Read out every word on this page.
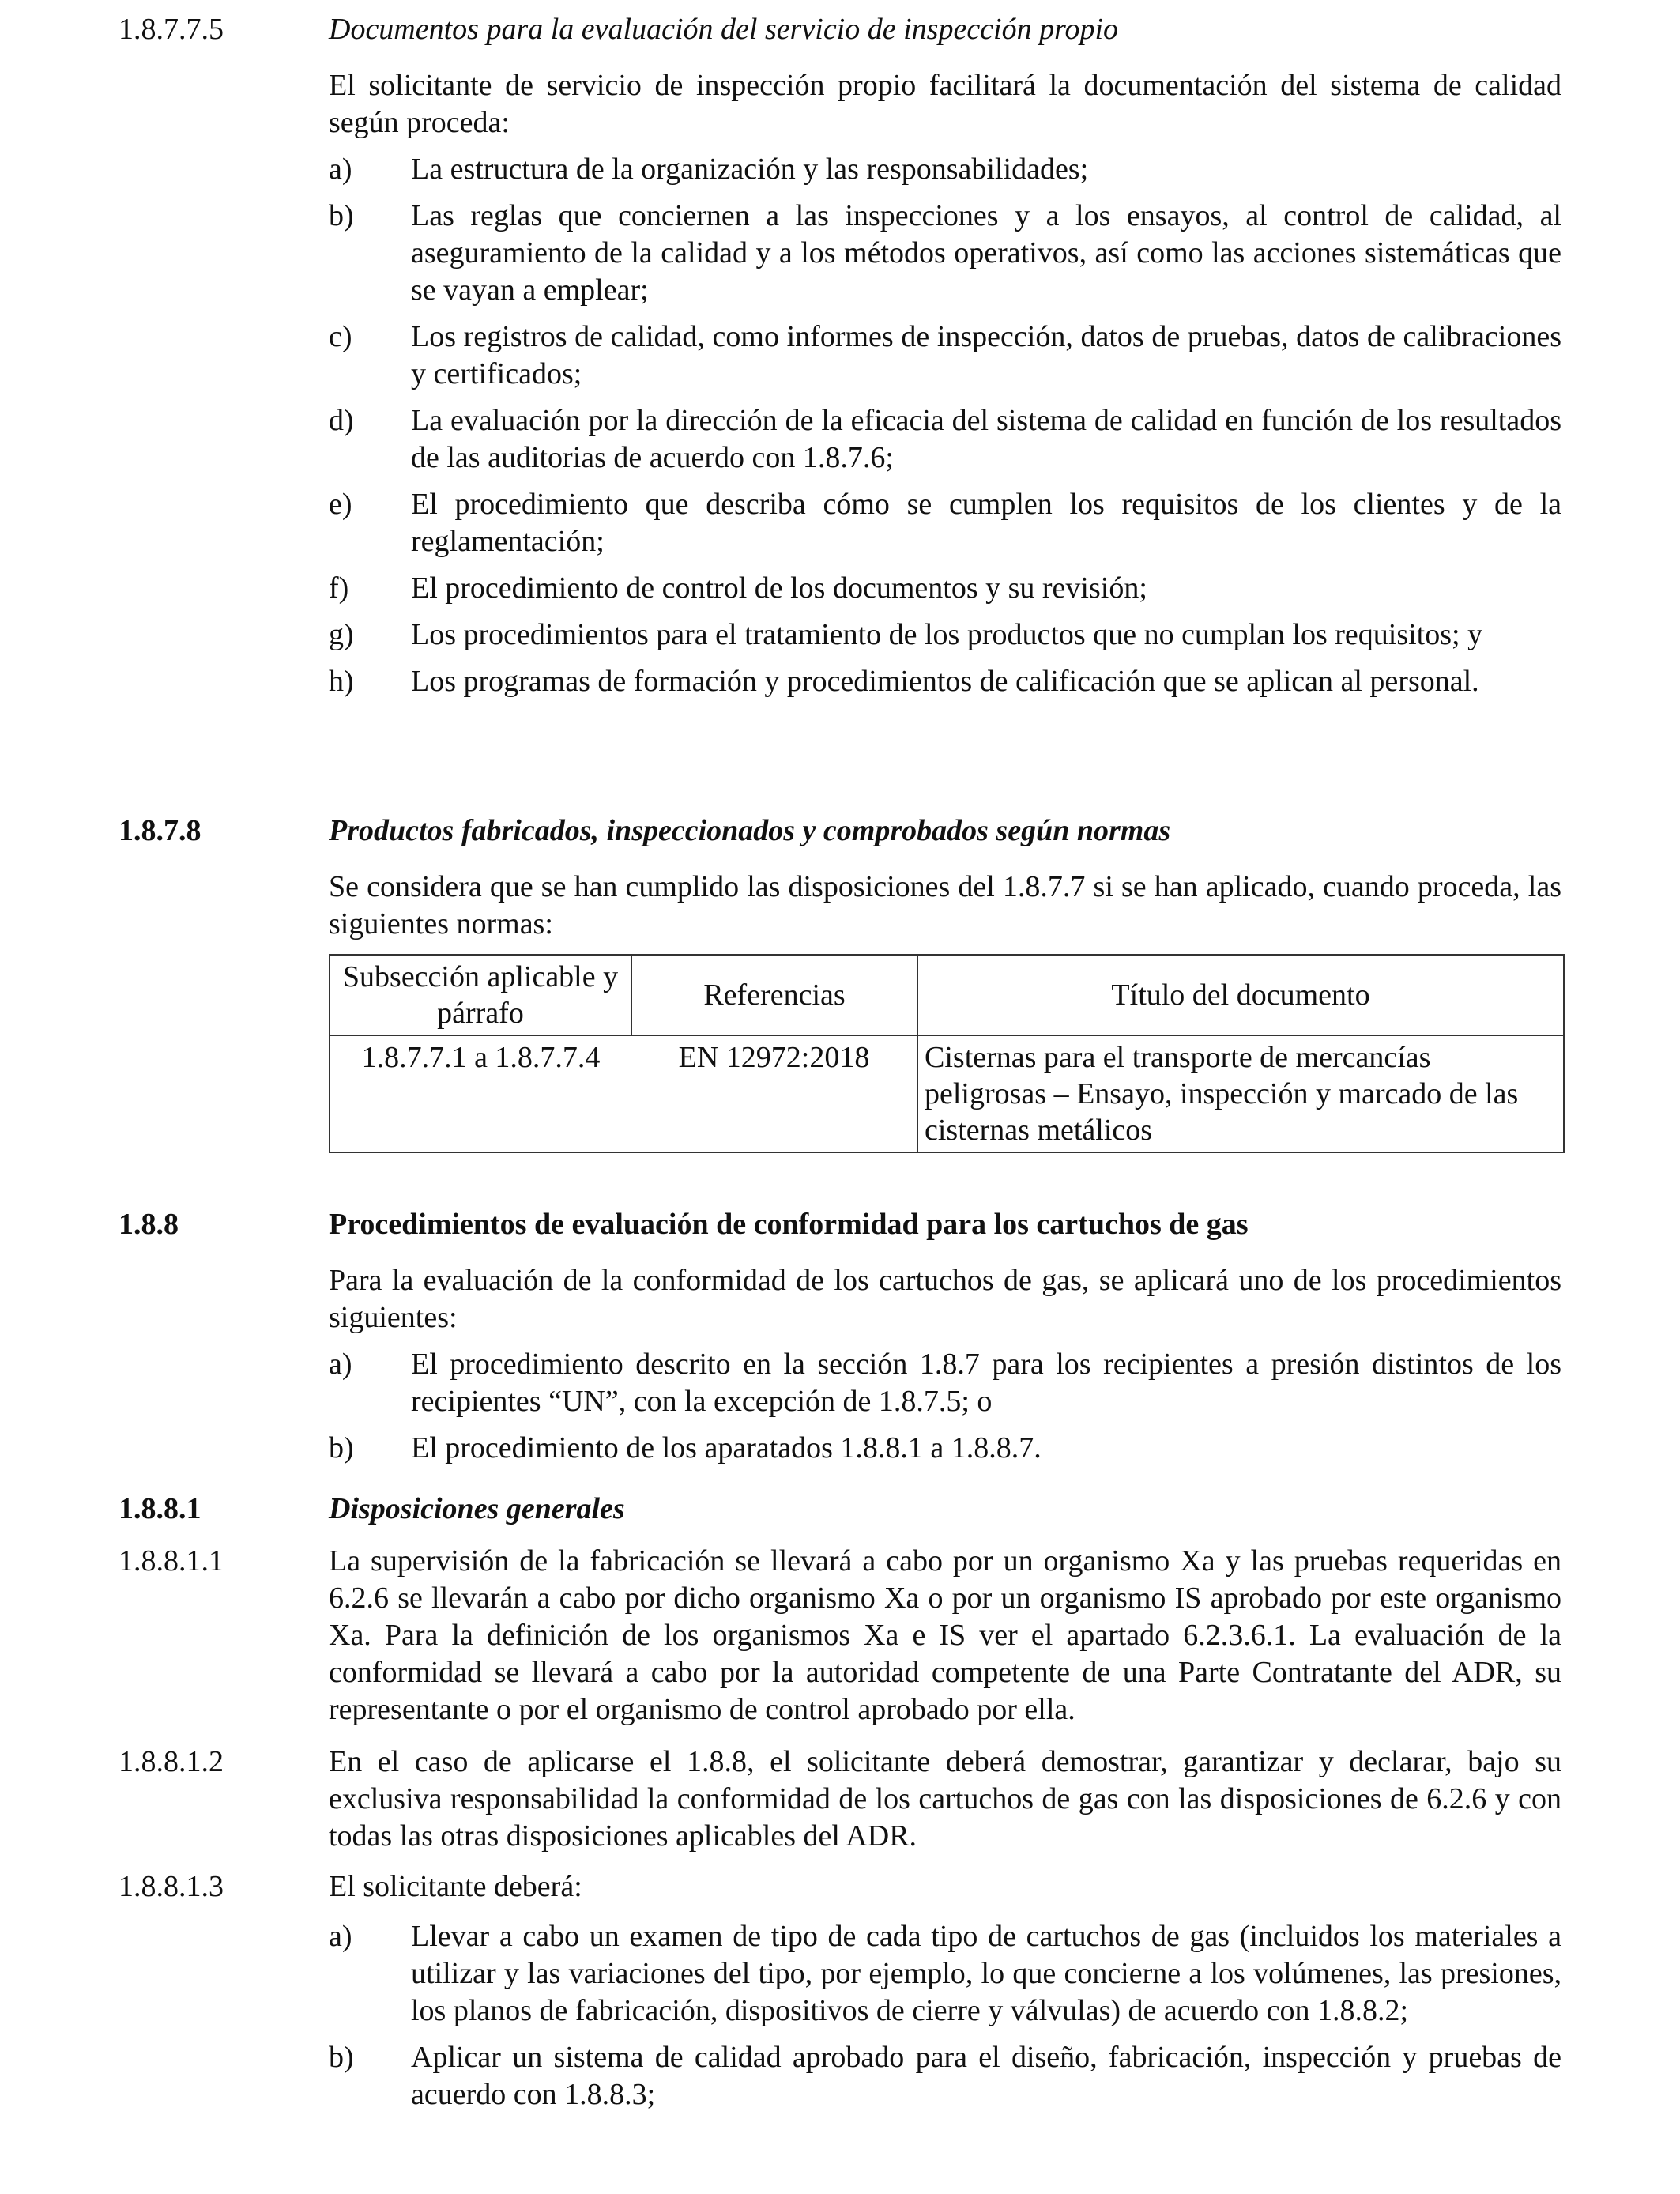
1.8.7.7.5	Documentos para la evaluación del servicio de inspección propio
El solicitante de servicio de inspección propio facilitará la documentación del sistema de calidad según proceda:
a) La estructura de la organización y las responsabilidades;
b) Las reglas que conciernen a las inspecciones y a los ensayos, al control de calidad, al aseguramiento de la calidad y a los métodos operativos, así como las acciones sistemáticas que se vayan a emplear;
c) Los registros de calidad, como informes de inspección, datos de pruebas, datos de calibraciones y certificados;
d) La evaluación por la dirección de la eficacia del sistema de calidad en función de los resultados de las auditorias de acuerdo con 1.8.7.6;
e) El procedimiento que describa cómo se cumplen los requisitos de los clientes y de la reglamentación;
f) El procedimiento de control de los documentos y su revisión;
g) Los procedimientos para el tratamiento de los productos que no cumplan los requisitos; y
h) Los programas de formación y procedimientos de calificación que se aplican al personal.
1.8.7.8	Productos fabricados, inspeccionados y comprobados según normas
Se considera que se han cumplido las disposiciones del 1.8.7.7 si se han aplicado, cuando proceda, las siguientes normas:
Subsección aplicable y párrafo	Referencias	Título del documento
1.8.7.7.1 a 1.8.7.7.4	EN 12972:2018	Cisternas para el transporte de mercancías peligrosas – Ensayo, inspección y marcado de las cisternas metálicos
1.8.8	Procedimientos de evaluación de conformidad para los cartuchos de gas
Para la evaluación de la conformidad de los cartuchos de gas, se aplicará uno de los procedimientos siguientes:
a) El procedimiento descrito en la sección 1.8.7 para los recipientes a presión distintos de los recipientes “UN”, con la excepción de 1.8.7.5; o
b) El procedimiento de los aparatados 1.8.8.1 a 1.8.8.7.
1.8.8.1	Disposiciones generales
1.8.8.1.1	La supervisión de la fabricación se llevará a cabo por un organismo Xa y las pruebas requeridas en 6.2.6 se llevarán a cabo por dicho organismo Xa o por un organismo IS aprobado por este organismo Xa. Para la definición de los organismos Xa e IS ver el apartado 6.2.3.6.1. La evaluación de la conformidad se llevará a cabo por la autoridad competente de una Parte Contratante del ADR, su representante o por el organismo de control aprobado por ella.
1.8.8.1.2	En el caso de aplicarse el 1.8.8, el solicitante deberá demostrar, garantizar y declarar, bajo su exclusiva responsabilidad la conformidad de los cartuchos de gas con las disposiciones de 6.2.6 y con todas las otras disposiciones aplicables del ADR.
1.8.8.1.3	El solicitante deberá:
a) Llevar a cabo un examen de tipo de cada tipo de cartuchos de gas (incluidos los materiales a utilizar y las variaciones del tipo, por ejemplo, lo que concierne a los volúmenes, las presiones, los planos de fabricación, dispositivos de cierre y válvulas) de acuerdo con 1.8.8.2;
b) Aplicar un sistema de calidad aprobado para el diseño, fabricación, inspección y pruebas de acuerdo con 1.8.8.3;
